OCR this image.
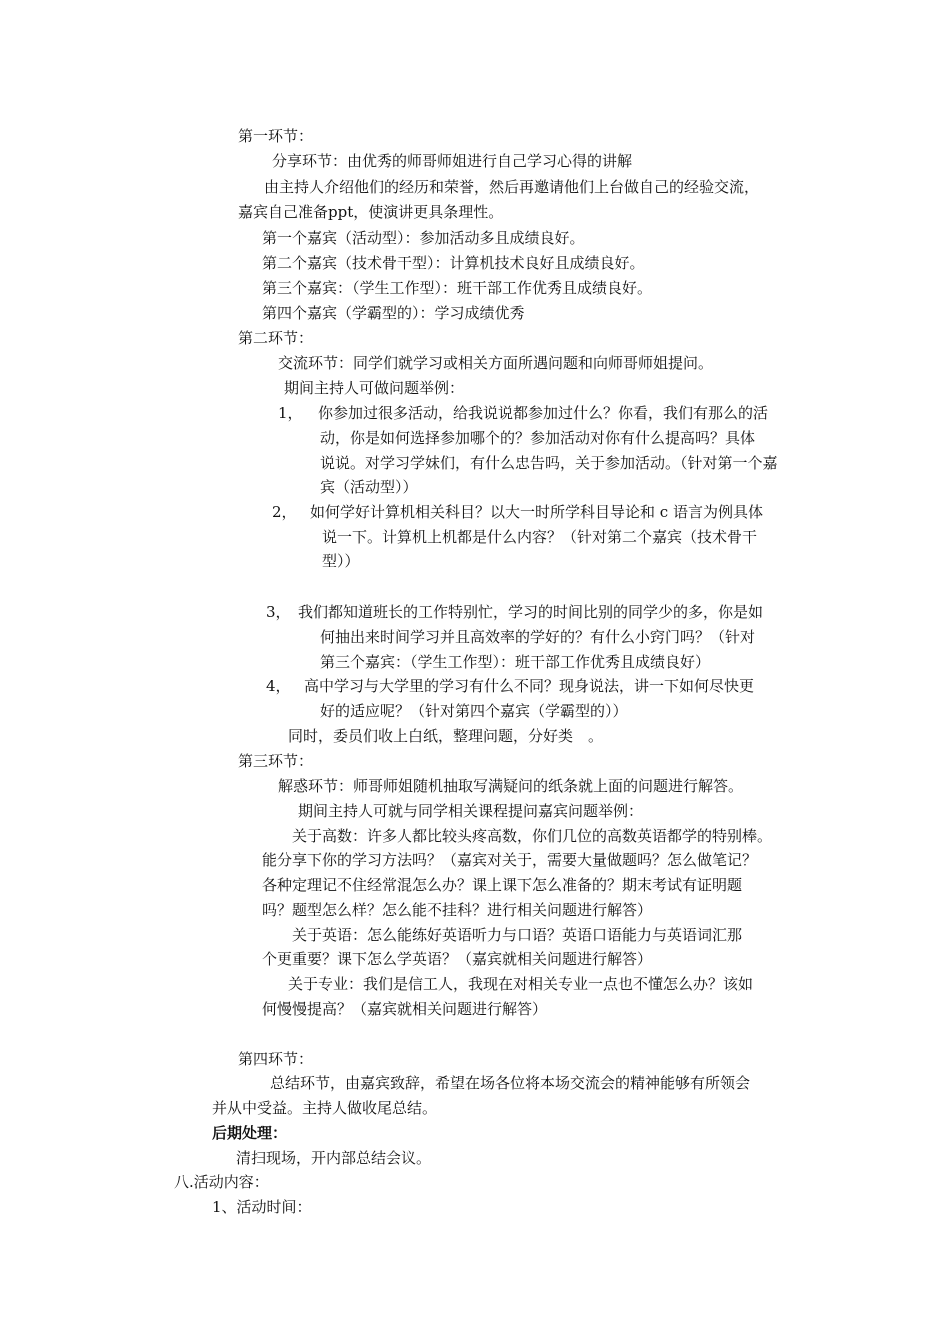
第一环节：

分享环节：由优秀的师哥师姐进行自己学习心得的讲解

由主持人介绍他们的经历和荣誉，然后再邀请他们上台做自己的经验交流，

嘉宾自己准备ppt，使演讲更具条理性。

第一个嘉宾（活动型）：参加活动多且成绩良好。

第二个嘉宾（技术骨干型）：计算机技术良好且成绩良好。

第三个嘉宾：（学生工作型）：班干部工作优秀且成绩良好。

第四个嘉宾（学霸型的）：学习成绩优秀

第二环节：

交流环节：同学们就学习或相关方面所遇问题和向师哥师姐提问。

期间主持人可做问题举例：

1， 你参加过很多活动，给我说说都参加过什么？你看，我们有那么的活

动，你是如何选择参加哪个的？参加活动对你有什么提高吗？具体

说说。对学习学妹们，有什么忠告吗，关于参加活动。（针对第一个嘉

宾（活动型））

2， 如何学好计算机相关科目？以大一时所学科目导论和 c 语言为例具体

说一下。计算机上机都是什么内容？（针对第二个嘉宾（技术骨干

型））

3， 我们都知道班长的工作特别忙，学习的时间比别的同学少的多，你是如

何抽出来时间学习并且高效率的学好的？有什么小窍门吗？（针对

第三个嘉宾：（学生工作型）：班干部工作优秀且成绩良好）

4， 高中学习与大学里的学习有什么不同？现身说法，讲一下如何尽快更

好的适应呢？（针对第四个嘉宾（学霸型的））

同时，委员们收上白纸，整理问题，分好类　。

第三环节：

解惑环节：师哥师姐随机抽取写满疑问的纸条就上面的问题进行解答。

期间主持人可就与同学相关课程提问嘉宾问题举例：

关于高数：许多人都比较头疼高数，你们几位的高数英语都学的特别棒。

能分享下你的学习方法吗？（嘉宾对关于，需要大量做题吗？怎么做笔记？

各种定理记不住经常混怎么办？课上课下怎么准备的？期末考试有证明题

吗？题型怎么样？怎么能不挂科？进行相关问题进行解答）

关于英语：怎么能练好英语听力与口语？英语口语能力与英语词汇那

个更重要？课下怎么学英语？（嘉宾就相关问题进行解答）

关于专业：我们是信工人，我现在对相关专业一点也不懂怎么办？该如

何慢慢提高？（嘉宾就相关问题进行解答）

第四环节：

总结环节，由嘉宾致辞，希望在场各位将本场交流会的精神能够有所领会

并从中受益。主持人做收尾总结。

后期处理：

清扫现场，开内部总结会议。

八.活动内容：

1、活动时间：
